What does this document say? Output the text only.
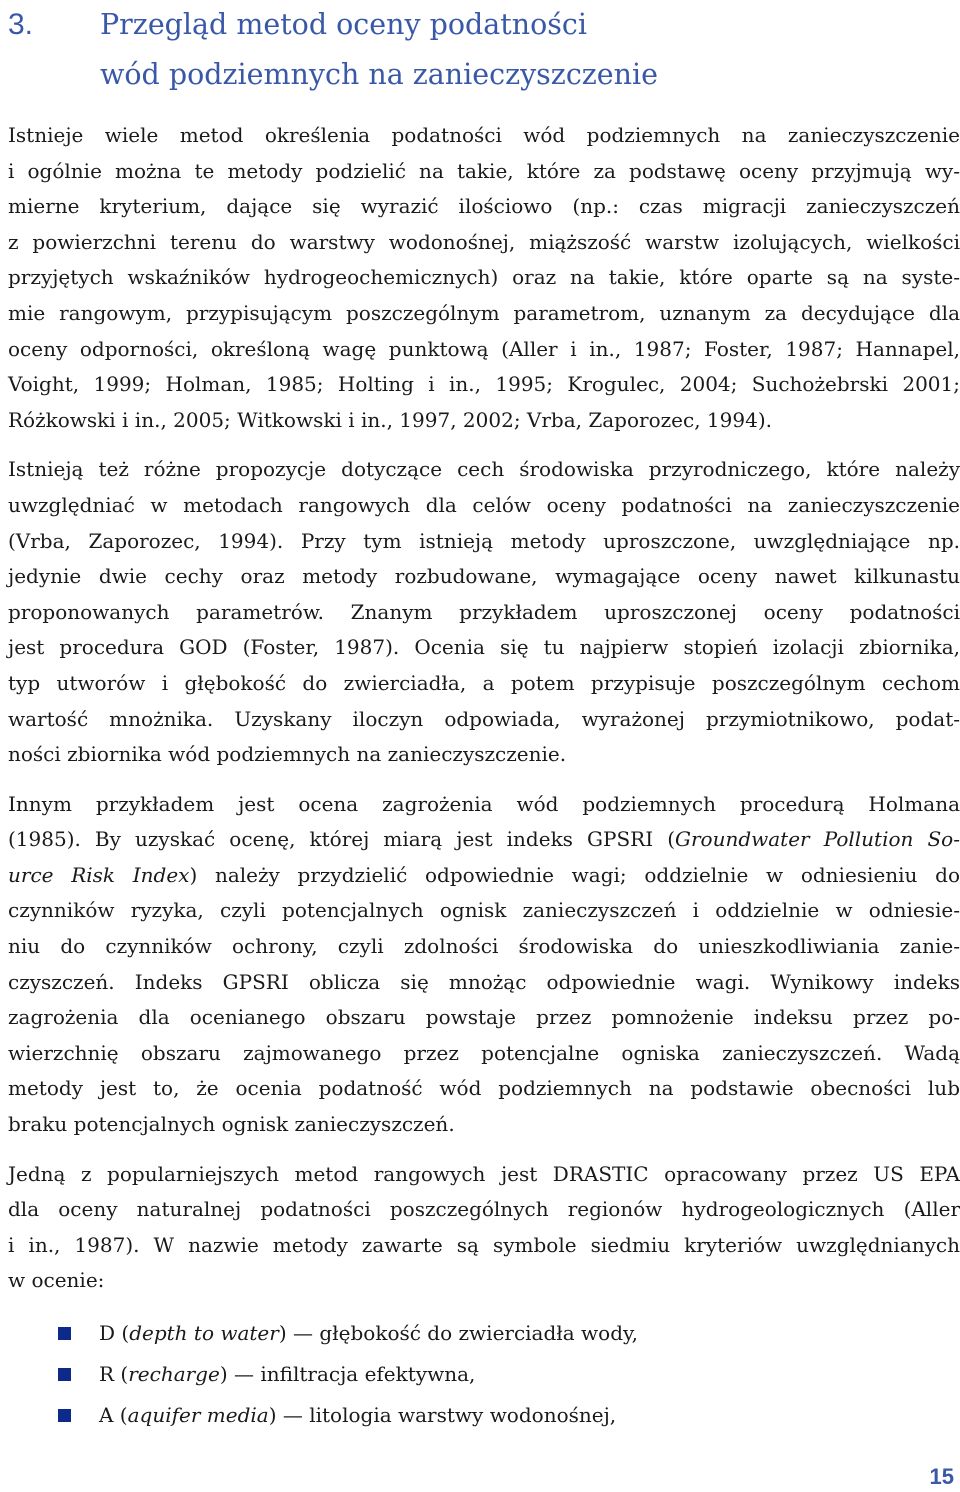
3.	Przegląd metod oceny podatności
wód podziemnych na zanieczyszczenie
Istnieje wiele metod określenia podatności wód podziemnych na zanieczyszczenie
i ogólnie można te metody podzielić na takie, które za podstawę oceny przyjmują wy-
mierne kryterium, dające się wyrazić ilościowo (np.: czas migracji zanieczyszczeń
z powierzchni terenu do warstwy wodonośnej, miąższość warstw izolujących, wielkości
przyjętych wskaźników hydrogeochemicznych) oraz na takie, które oparte są na syste-
mie rangowym, przypisującym poszczególnym parametrom, uznanym za decydujące dla
oceny odporności, określoną wagę punktową (Aller i in., 1987; Foster, 1987; Hannapel,
Voight, 1999; Holman, 1985; Holting i in., 1995; Krogulec, 2004; Suchożebrski 2001;
Różkowski i in., 2005; Witkowski i in., 1997, 2002; Vrba, Zaporozec, 1994).
Istnieją też różne propozycje dotyczące cech środowiska przyrodniczego, które należy
uwzględniać w metodach rangowych dla celów oceny podatności na zanieczyszczenie
(Vrba, Zaporozec, 1994). Przy tym istnieją metody uproszczone, uwzględniające np.
jedynie dwie cechy oraz metody rozbudowane, wymagające oceny nawet kilkunastu
proponowanych parametrów. Znanym przykładem uproszczonej oceny podatności
jest procedura GOD (Foster, 1987). Ocenia się tu najpierw stopień izolacji zbiornika,
typ utworów i głębokość do zwierciadła, a potem przypisuje poszczególnym cechom
wartość mnożnika. Uzyskany iloczyn odpowiada, wyrażonej przymiotnikowo, podat-
ności zbiornika wód podziemnych na zanieczyszczenie.
Innym przykładem jest ocena zagrożenia wód podziemnych procedurą Holmana
(1985). By uzyskać ocenę, której miarą jest indeks GPSRI (Groundwater Pollution So-
urce Risk Index) należy przydzielić odpowiednie wagi; oddzielnie w odniesieniu do
czynników ryzyka, czyli potencjalnych ognisk zanieczyszczeń i oddzielnie w odniesie-
niu do czynników ochrony, czyli zdolności środowiska do unieszkodliwiania zanie-
czyszczeń. Indeks GPSRI oblicza się mnożąc odpowiednie wagi. Wynikowy indeks
zagrożenia dla ocenianego obszaru powstaje przez pomnożenie indeksu przez po-
wierzchnię obszaru zajmowanego przez potencjalne ogniska zanieczyszczeń. Wadą
metody jest to, że ocenia podatność wód podziemnych na podstawie obecności lub
braku potencjalnych ognisk zanieczyszczeń.
Jedną z popularniejszych metod rangowych jest DRASTIC opracowany przez US EPA
dla oceny naturalnej podatności poszczególnych regionów hydrogeologicznych (Aller
i in., 1987). W nazwie metody zawarte są symbole siedmiu kryteriów uwzględnianych
w ocenie:
D (depth to water) — głębokość do zwierciadła wody,
R (recharge) — infiltracja efektywna,
A (aquifer media) — litologia warstwy wodonośnej,
15
